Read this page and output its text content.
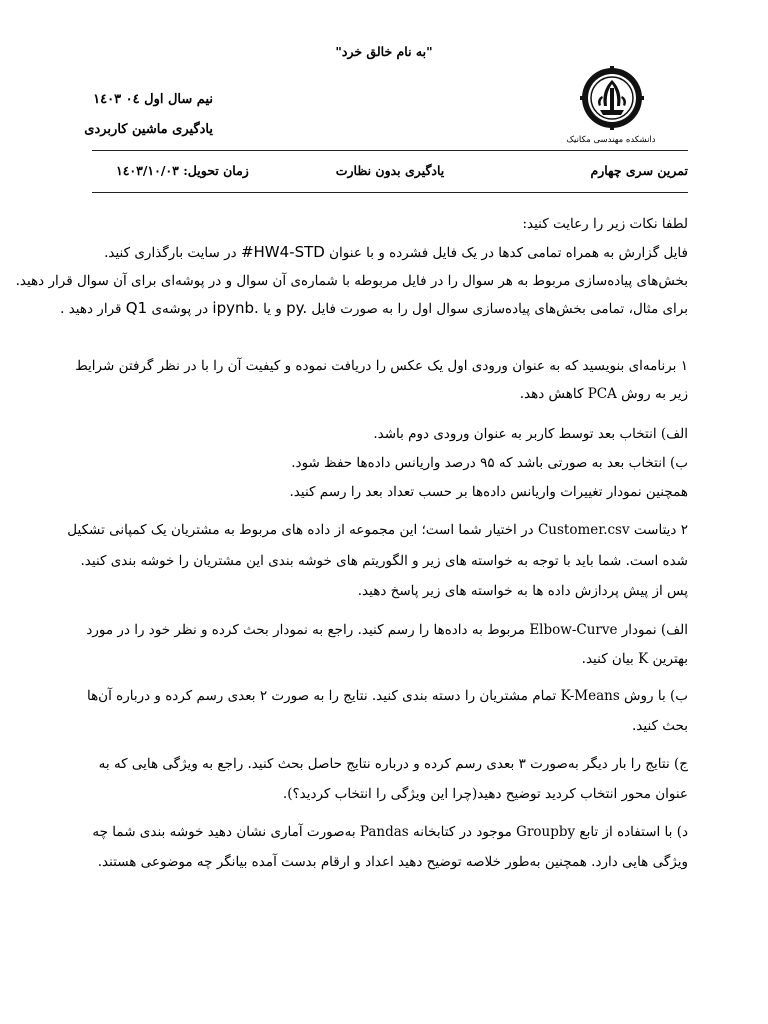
"به نام خالق خرد"
دانشکده مهندسی مکانیک
نیم سال اول ۰٤ ۱٤۰۳
یادگیری ماشین کاربردی
تمرین سری چهارم
یادگیری بدون نظارت
زمان تحویل: ۱٤۰۳/۱۰/۰۳
لطفا نکات زیر را رعایت کنید:
فایل گزارش به همراه تمامی کدها در یک فایل فشرده و با عنوان #HW4-STD در سایت بارگذاری کنید.
بخش‌های پیاده‌سازی مربوط به هر سوال را در فایل مربوطه با شماره‌ی آن سوال و در پوشه‌ای برای آن سوال قرار دهید.
برای مثال، تمامی بخش‌های پیاده‌سازی سوال اول را به صورت فایل py. و یا ipynb. در پوشه‌ی Q1 قرار دهید .
۱ برنامه‌ای بنویسید که به عنوان ورودی اول یک عکس را دریافت نموده و کیفیت آن را با در نظر گرفتن شرایط
زیر به روش PCA کاهش دهد.
الف) انتخاب بعد توسط کاربر به عنوان ورودی دوم باشد.
ب) انتخاب بعد به صورتی باشد که ۹۵ درصد واریانس داده‌ها حفظ شود.
همچنین نمودار تغییرات واریانس داده‌ها بر حسب تعداد بعد را رسم کنید.
۲ دیتاست Customer.csv در اختیار شما است؛ این مجموعه از داده های مربوط به مشتریان یک کمپانی تشکیل
شده است. شما باید با توجه به خواسته های زیر و الگوریتم های خوشه بندی این مشتریان را خوشه بندی کنید.
پس از پیش پردازش داده ها به خواسته های زیر پاسخ دهید.
الف) نمودار Elbow-Curve مربوط به داده‌ها را رسم کنید. راجع به نمودار بحث کرده و نظر خود را در مورد
بهترین K بیان کنید.
ب) با روش K-Means تمام مشتریان را دسته بندی کنید. نتایج را به صورت ۲ بعدی رسم کرده و درباره آن‌ها
بحث کنید.
ج) نتایج را بار دیگر به‌صورت ۳ بعدی رسم کرده و درباره نتایج حاصل بحث کنید. راجع به ویژگی هایی که به
عنوان محور انتخاب کردید توضیح دهید(چرا این ویژگی را انتخاب کردید؟).
د) با استفاده از تابع Groupby موجود در کتابخانه Pandas به‌صورت آماری نشان دهید خوشه بندی شما چه
ویژگی هایی دارد. همچنین به‌طور خلاصه توضیح دهید اعداد و ارقام بدست آمده بیانگر چه موضوعی هستند.
